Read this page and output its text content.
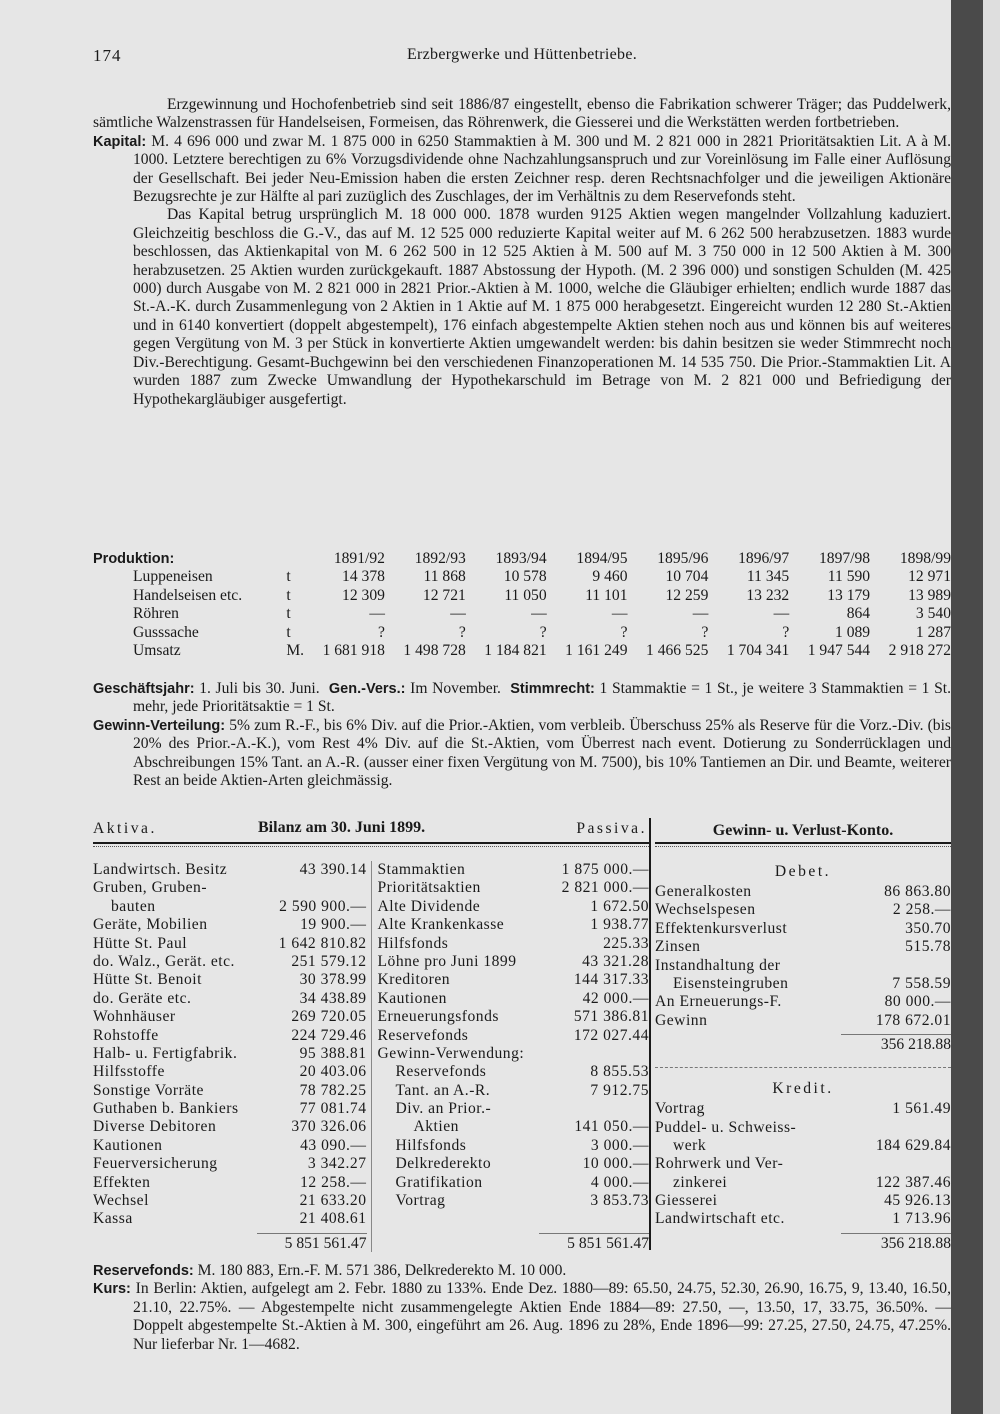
174	Erzbergwerke und Hüttenbetriebe.

Erzgewinnung und Hochofenbetrieb sind seit 1886/87 eingestellt, ebenso die Fabrikation schwerer Träger; das Puddelwerk, sämtliche Walzenstrassen für Handelseisen, Formeisen, das Röhrenwerk, die Giesserei und die Werkstätten werden fortbetrieben.

Kapital: M. 4 696 000 und zwar M. 1 875 000 in 6250 Stammaktien à M. 300 und M. 2 821 000 in 2821 Prioritätsaktien Lit. A à M. 1000. Letztere berechtigen zu 6% Vorzugsdividende ohne Nachzahlungsanspruch und zur Voreinlösung im Falle einer Auflösung der Gesellschaft. Bei jeder Neu-Emission haben die ersten Zeichner resp. deren Rechtsnachfolger und die jeweiligen Aktionäre Bezugsrechte je zur Hälfte al pari zuzüglich des Zuschlages, der im Verhältnis zu dem Reservefonds steht.

Das Kapital betrug ursprünglich M. 18 000 000. 1878 wurden 9125 Aktien wegen mangelnder Vollzahlung kaduziert. Gleichzeitig beschloss die G.-V., das auf M. 12 525 000 reduzierte Kapital weiter auf M. 6 262 500 herabzusetzen. 1883 wurde beschlossen, das Aktienkapital von M. 6 262 500 in 12 525 Aktien à M. 500 auf M. 3 750 000 in 12 500 Aktien à M. 300 herabzusetzen. 25 Aktien wurden zurückgekauft. 1887 Abstossung der Hypoth. (M. 2 396 000) und sonstigen Schulden (M. 425 000) durch Ausgabe von M. 2 821 000 in 2821 Prior.-Aktien à M. 1000, welche die Gläubiger erhielten; endlich wurde 1887 das St.-A.-K. durch Zusammenlegung von 2 Aktien in 1 Aktie auf M. 1 875 000 herabgesetzt. Eingereicht wurden 12 280 St.-Aktien und in 6140 konvertiert (doppelt abgestempelt), 176 einfach abgestempelte Aktien stehen noch aus und können bis auf weiteres gegen Vergütung von M. 3 per Stück in konvertierte Aktien umgewandelt werden: bis dahin besitzen sie weder Stimmrecht noch Div.-Berechtigung. Gesamt-Buchgewinn bei den verschiedenen Finanzoperationen M. 14 535 750. Die Prior.-Stammaktien Lit. A wurden 1887 zum Zwecke Umwandlung der Hypothekarschuld im Betrage von M. 2 821 000 und Befriedigung der Hypothekargläubiger ausgefertigt.

Produktion:		1891/92	1892/93	1893/94	1894/95	1895/96	1896/97	1897/98	1898/99
Luppeneisen	t	14 378	11 868	10 578	9 460	10 704	11 345	11 590	12 971
Handelseisen etc.	t	12 309	12 721	11 050	11 101	12 259	13 232	13 179	13 989
Röhren	t	—	—	—	—	—	—	864	3 540
Gusssache	t	?	?	?	?	?	?	1 089	1 287
Umsatz	M.	1 681 918	1 498 728	1 184 821	1 161 249	1 466 525	1 704 341	1 947 544	2 918 272

Geschäftsjahr: 1. Juli bis 30. Juni. Gen.-Vers.: Im November. Stimmrecht: 1 Stammaktie = 1 St., je weitere 3 Stammaktien = 1 St. mehr, jede Prioritätsaktie = 1 St.

Gewinn-Verteilung: 5% zum R.-F., bis 6% Div. auf die Prior.-Aktien, vom verbleib. Überschuss 25% als Reserve für die Vorz.-Div. (bis 20% des Prior.-A.-K.), vom Rest 4% Div. auf die St.-Aktien, vom Überrest nach event. Dotierung zu Sonderrücklagen und Abschreibungen 15% Tant. an A.-R. (ausser einer fixen Vergütung von M. 7500), bis 10% Tantiemen an Dir. und Beamte, weiterer Rest an beide Aktien-Arten gleichmässig.

Aktiva.	Bilanz am 30. Juni 1899.	Passiva.
Landwirtsch. Besitz	43 390.14
Gruben, Gruben-
bauten	2 590 900.—
Geräte, Mobilien	19 900.—
Hütte St. Paul	1 642 810.82
do. Walz., Gerät. etc.	251 579.12
Hütte St. Benoit	30 378.99
do. Geräte etc.	34 438.89
Wohnhäuser	269 720.05
Rohstoffe	224 729.46
Halb- u. Fertigfabrik.	95 388.81
Hilfsstoffe	20 403.06
Sonstige Vorräte	78 782.25
Guthaben b. Bankiers	77 081.74
Diverse Debitoren	370 326.06
Kautionen	43 090.—
Feuerversicherung	3 342.27
Effekten	12 258.—
Wechsel	21 633.20
Kassa	21 408.61
5 851 561.47
Stammaktien	1 875 000.—
Prioritätsaktien	2 821 000.—
Alte Dividende	1 672.50
Alte Krankenkasse	1 938.77
Hilfsfonds	225.33
Löhne pro Juni 1899	43 321.28
Kreditoren	144 317.33
Kautionen	42 000.—
Erneuerungsfonds	571 386.81
Reservefonds	172 027.44
Gewinn-Verwendung:
Reservefonds	8 855.53
Tant. an A.-R.	7 912.75
Div. an Prior.-
Aktien	141 050.—
Hilfsfonds	3 000.—
Delkrederekto	10 000.—
Gratifikation	4 000.—
Vortrag	3 853.73
5 851 561.47
Gewinn- u. Verlust-Konto.
Debet.
Generalkosten	86 863.80
Wechselspesen	2 258.—
Effektenkursverlust	350.70
Zinsen	515.78
Instandhaltung der
Eisensteingruben	7 558.59
An Erneuerungs-F.	80 000.—
Gewinn	178 672.01
356 218.88
Kredit.
Vortrag	1 561.49
Puddel- u. Schweiss-
werk	184 629.84
Rohrwerk und Ver-
zinkerei	122 387.46
Giesserei	45 926.13
Landwirtschaft etc.	1 713.96
356 218.88

Reservefonds: M. 180 883, Ern.-F. M. 571 386, Delkrederekto M. 10 000.

Kurs: In Berlin: Aktien, aufgelegt am 2. Febr. 1880 zu 133%. Ende Dez. 1880—89: 65.50, 24.75, 52.30, 26.90, 16.75, 9, 13.40, 16.50, 21.10, 22.75%. — Abgestempelte nicht zusammengelegte Aktien Ende 1884—89: 27.50, —, 13.50, 17, 33.75, 36.50%. — Doppelt abgestempelte St.-Aktien à M. 300, eingeführt am 26. Aug. 1896 zu 28%, Ende 1896—99: 27.25, 27.50, 24.75, 47.25%. Nur lieferbar Nr. 1—4682.
